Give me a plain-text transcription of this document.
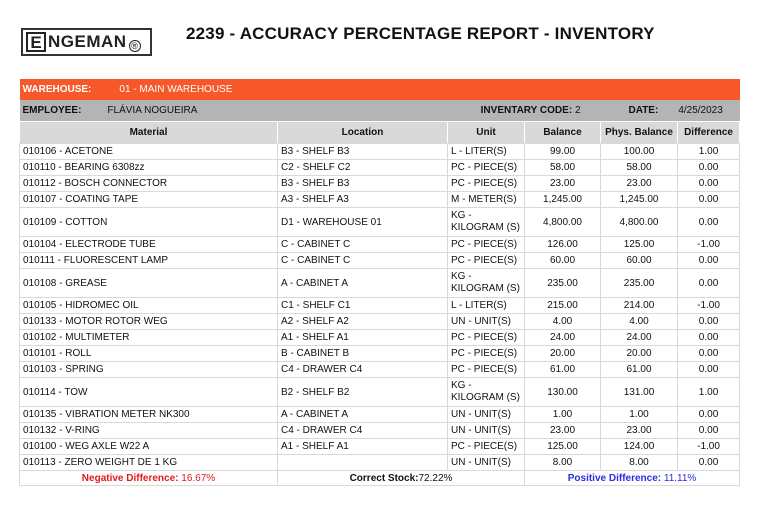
E NGEMAN ®
2239 - ACCURACY PERCENTAGE REPORT - INVENTORY
WAREHOUSE: 01 - MAIN WAREHOUSE					
EMPLOYEE: FLÁVIA NOGUEIRA		INVENTARY CODE: 2		DATE: 4/25/2023	
Material	Location	Unit	Balance	Phys. Balance	Difference
010106 - ACETONE	B3 - SHELF B3	L - LITER(S)	99.00	100.00	1.00
010110 - BEARING 6308zz	C2 - SHELF C2	PC - PIECE(S)	58.00	58.00	0.00
010112 - BOSCH CONNECTOR	B3 - SHELF B3	PC - PIECE(S)	23.00	23.00	0.00
010107 - COATING TAPE	A3 - SHELF A3	M - METER(S)	1,245.00	1,245.00	0.00
010109 - COTTON	D1 - WAREHOUSE 01	KG - KILOGRAM (S)	4,800.00	4,800.00	0.00
010104 - ELECTRODE TUBE	C - CABINET C	PC - PIECE(S)	126.00	125.00	-1.00
010111 - FLUORESCENT LAMP	C - CABINET C	PC - PIECE(S)	60.00	60.00	0.00
010108 - GREASE	A - CABINET A	KG - KILOGRAM (S)	235.00	235.00	0.00
010105 - HIDROMEC OIL	C1 - SHELF C1	L - LITER(S)	215.00	214.00	-1.00
010133 - MOTOR ROTOR WEG	A2 - SHELF A2	UN - UNIT(S)	4.00	4.00	0.00
010102 - MULTIMETER	A1 - SHELF A1	PC - PIECE(S)	24.00	24.00	0.00
010101 - ROLL	B - CABINET B	PC - PIECE(S)	20.00	20.00	0.00
010103 - SPRING	C4 - DRAWER C4	PC - PIECE(S)	61.00	61.00	0.00
010114 - TOW	B2 - SHELF B2	KG - KILOGRAM (S)	130.00	131.00	1.00
010135 - VIBRATION METER NK300	A - CABINET A	UN - UNIT(S)	1.00	1.00	0.00
010132 - V-RING	C4 - DRAWER C4	UN - UNIT(S)	23.00	23.00	0.00
010100 - WEG AXLE W22 A	A1 - SHELF A1	PC - PIECE(S)	125.00	124.00	-1.00
010113 - ZERO WEIGHT DE 1 KG		UN - UNIT(S)	8.00	8.00	0.00
Negative Difference: 16.67%	Correct Stock:72.22%		Positive Difference: 11.11%		
